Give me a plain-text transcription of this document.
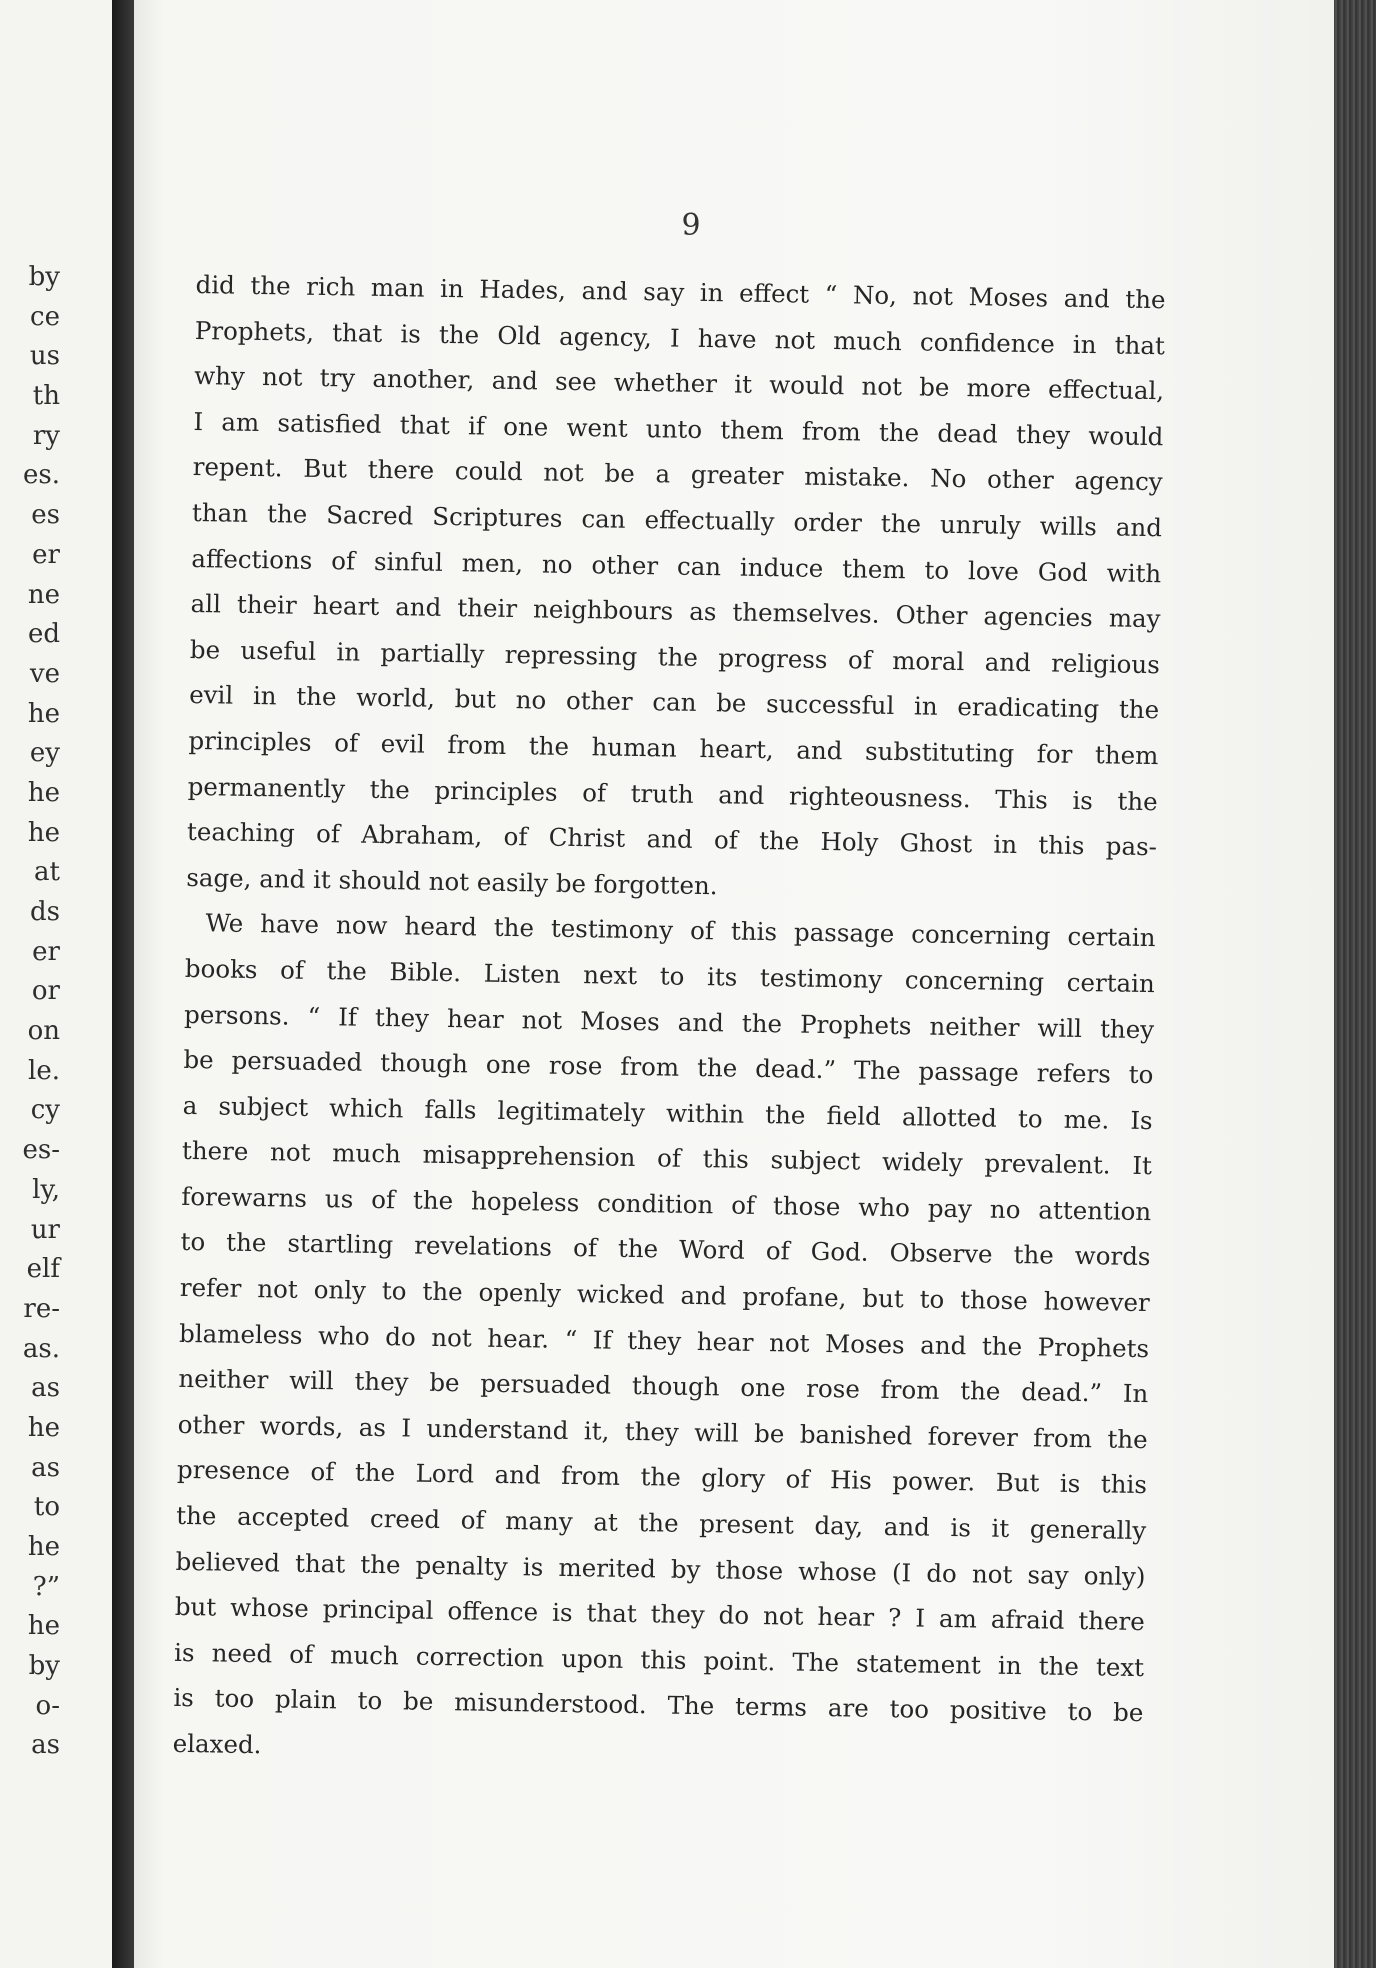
by
ce
us
th
ry
es.
es
er
ne
ed
ve
he
ey
he
he
at
ds
er
or
on
le.
cy
es-
ly,
ur
elf
re-
as.
as
he
as
to
he
?”
he
by
o-
as
9
did the rich man in Hades, and say in effect “ No, not Moses and the
Prophets, that is the Old agency, I have not much confidence in that
why not try another, and see whether it would not be more effectual,
I am satisfied that if one went unto them from the dead they would
repent. But there could not be a greater mistake. No other agency
than the Sacred Scriptures can effectually order the unruly wills and
affections of sinful men, no other can induce them to love God with
all their heart and their neighbours as themselves. Other agencies may
be useful in partially repressing the progress of moral and religious
evil in the world, but no other can be successful in eradicating the
principles of evil from the human heart, and substituting for them
permanently the principles of truth and righteousness. This is the
teaching of Abraham, of Christ and of the Holy Ghost in this pas-
sage, and it should not easily be forgotten.
We have now heard the testimony of this passage concerning certain
books of the Bible. Listen next to its testimony concerning certain
persons. “ If they hear not Moses and the Prophets neither will they
be persuaded though one rose from the dead.” The passage refers to
a subject which falls legitimately within the field allotted to me. Is
there not much misapprehension of this subject widely prevalent. It
forewarns us of the hopeless condition of those who pay no attention
to the startling revelations of the Word of God. Observe the words
refer not only to the openly wicked and profane, but to those however
blameless who do not hear. “ If they hear not Moses and the Prophets
neither will they be persuaded though one rose from the dead.” In
other words, as I understand it, they will be banished forever from the
presence of the Lord and from the glory of His power. But is this
the accepted creed of many at the present day, and is it generally
believed that the penalty is merited by those whose (I do not say only)
but whose principal offence is that they do not hear ? I am afraid there
is need of much correction upon this point. The statement in the text
is too plain to be misunderstood. The terms are too positive to be
elaxed.
